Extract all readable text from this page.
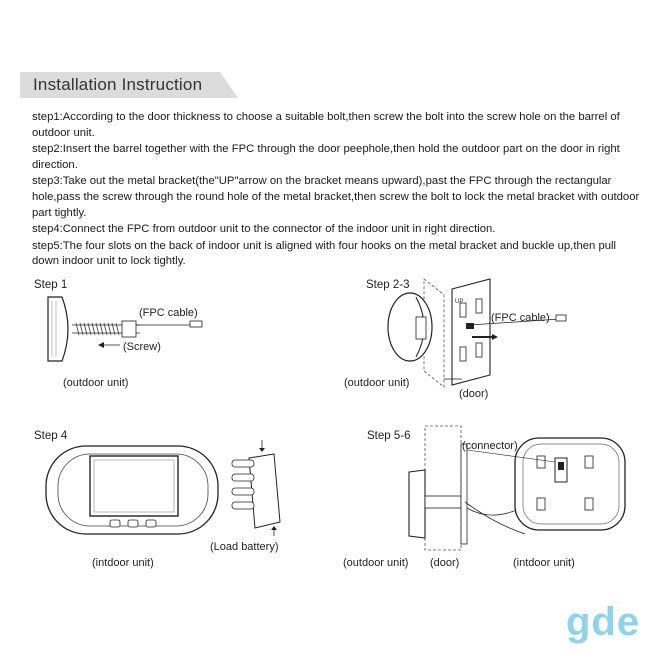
Installation Instruction

step1:According to the door thickness to choose a suitable bolt,then screw the bolt into the screw hole on the barrel of outdoor unit.

step2:Insert the barrel together with the FPC through the door peephole,then hold the outdoor part on the door in right direction.

step3:Take out the metal bracket(the"UP"arrow on the bracket means upward),past the FPC through the rectangular hole,pass the screw through the round hole of the metal bracket,then screw the bolt to lock the metal bracket with outdoor part tightly.

step4:Connect the FPC from outdoor unit to the connector of the indoor unit in right direction.

step5:The four slots on the back of indoor unit is aligned with four hooks on the metal bracket and buckle up,then pull down indoor unit to lock tightly.

Step 1
(FPC cable)
(Screw)
(outdoor unit)
Step 2-3
UP
(FPC cable)
(outdoor unit)
(door)
Step 4
(Load battery)
(intdoor unit)
Step 5-6
(connector)
(outdoor unit) (door)	(intdoor unit)
gde
